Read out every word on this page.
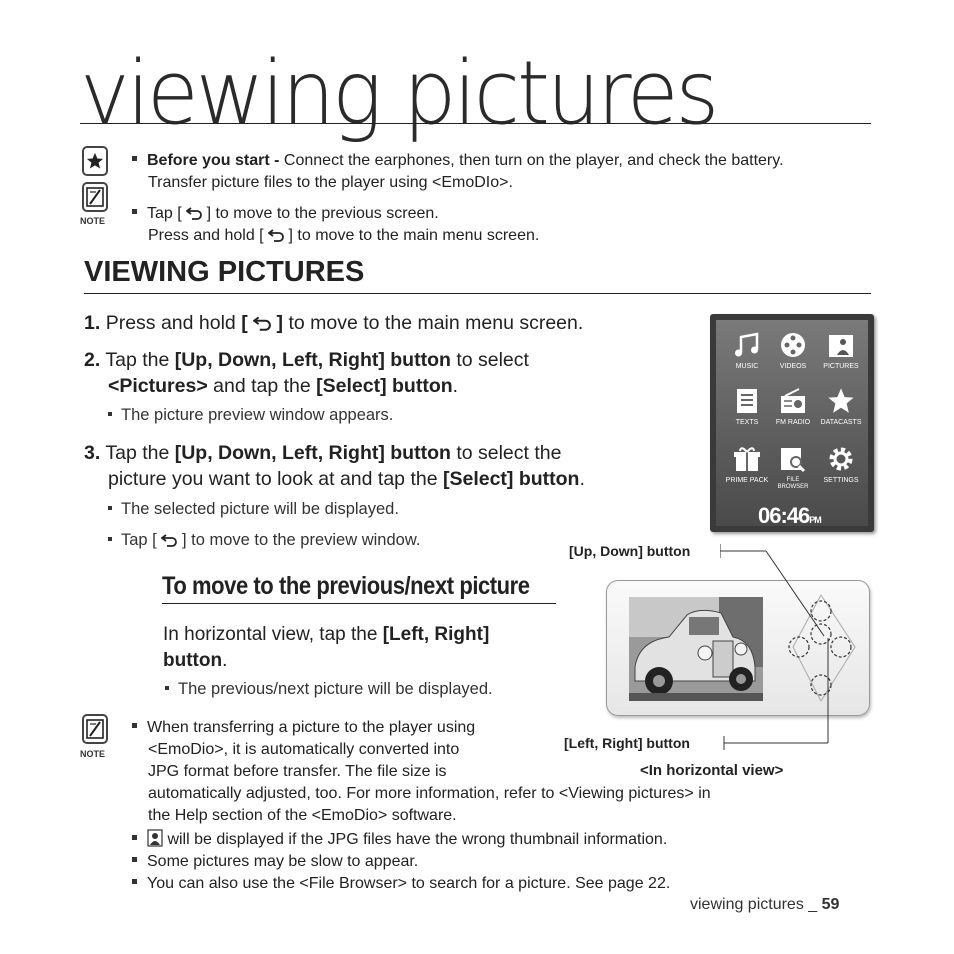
viewing pictures
NOTE
Before you start - Connect the earphones, then turn on the player, and check the battery.
Transfer picture files to the player using <EmoDIo>.
Tap [ ] to move to the previous screen.
Press and hold [ ] to move to the main menu screen.
VIEWING PICTURES
1. Press and hold [ ] to move to the main menu screen.
2. Tap the [Up, Down, Left, Right] button to select
<Pictures> and tap the [Select] button.
The picture preview window appears.
3. Tap the [Up, Down, Left, Right] button to select the
picture you want to look at and tap the [Select] button.
The selected picture will be displayed.
Tap [ ] to move to the preview window.
MUSIC	VIDEOS	PICTURES
TEXTS	FM RADIO	DATACASTS
PRIME PACK	FILE BROWSER
SETTINGS
06:46PM
[Up, Down] button
[Left, Right] button
<In horizontal view>
To move to the previous/next picture
In horizontal view, tap the [Left, Right]
button.
The previous/next picture will be displayed.
NOTE
When transferring a picture to the player using
<EmoDio>, it is automatically converted into
JPG format before transfer. The file size is
automatically adjusted, too. For more information, refer to <Viewing pictures> in
the Help section of the <EmoDio> software.
will be displayed if the JPG files have the wrong thumbnail information.
Some pictures may be slow to appear.
You can also use the <File Browser> to search for a picture. See page 22.
viewing pictures _ 59
